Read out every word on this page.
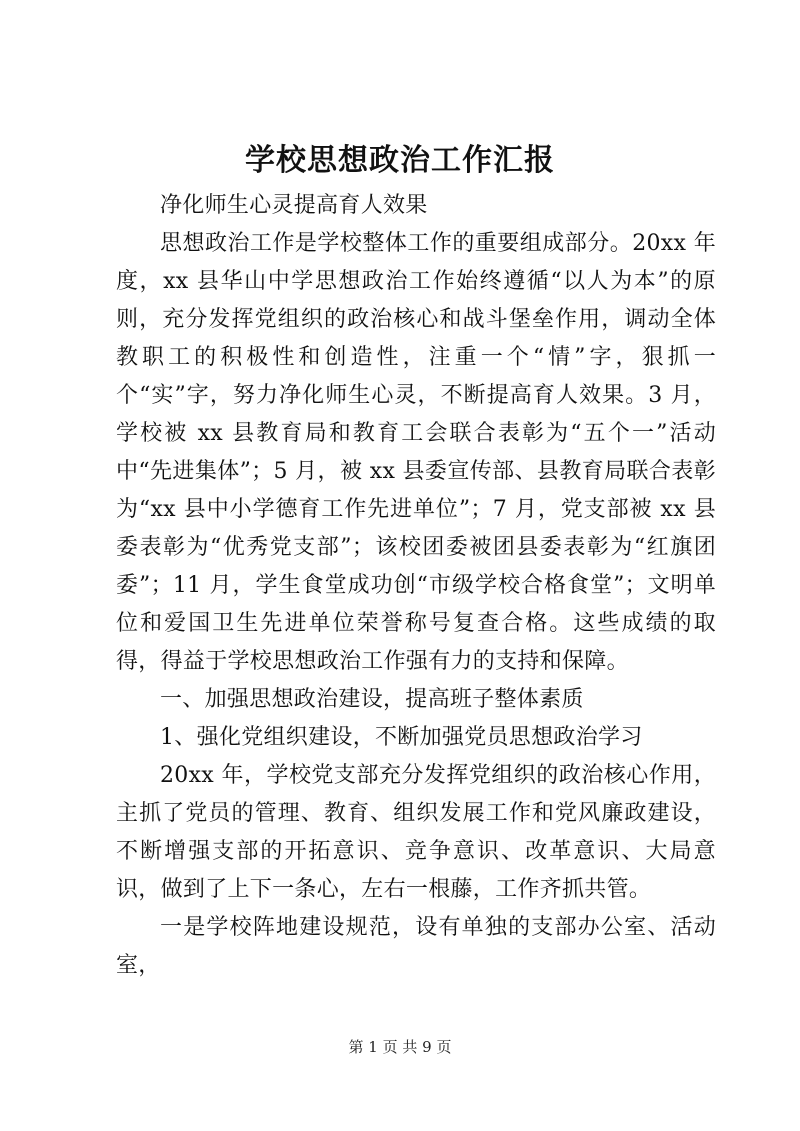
学校思想政治工作汇报

净化师生心灵提高育人效果

思想政治工作是学校整体工作的重要组成部分。20xx 年度，xx 县华山中学思想政治工作始终遵循“以人为本”的原则，充分发挥党组织的政治核心和战斗堡垒作用，调动全体教职工的积极性和创造性，注重一个“情”字，狠抓一个“实”字，努力净化师生心灵，不断提高育人效果。3 月，学校被 xx 县教育局和教育工会联合表彰为“五个一”活动中“先进集体”；5 月，被 xx 县委宣传部、县教育局联合表彰为“xx 县中小学德育工作先进单位”；7 月，党支部被 xx 县委表彰为“优秀党支部”；该校团委被团县委表彰为“红旗团委”；11 月，学生食堂成功创“市级学校合格食堂”；文明单位和爱国卫生先进单位荣誉称号复查合格。这些成绩的取得，得益于学校思想政治工作强有力的支持和保障。

一、加强思想政治建设，提高班子整体素质

1、强化党组织建设，不断加强党员思想政治学习

20xx 年，学校党支部充分发挥党组织的政治核心作用，主抓了党员的管理、教育、组织发展工作和党风廉政建设，不断增强支部的开拓意识、竞争意识、改革意识、大局意识，做到了上下一条心，左右一根藤，工作齐抓共管。

一是学校阵地建设规范，设有单独的支部办公室、活动室，

第 1 页 共 9 页
